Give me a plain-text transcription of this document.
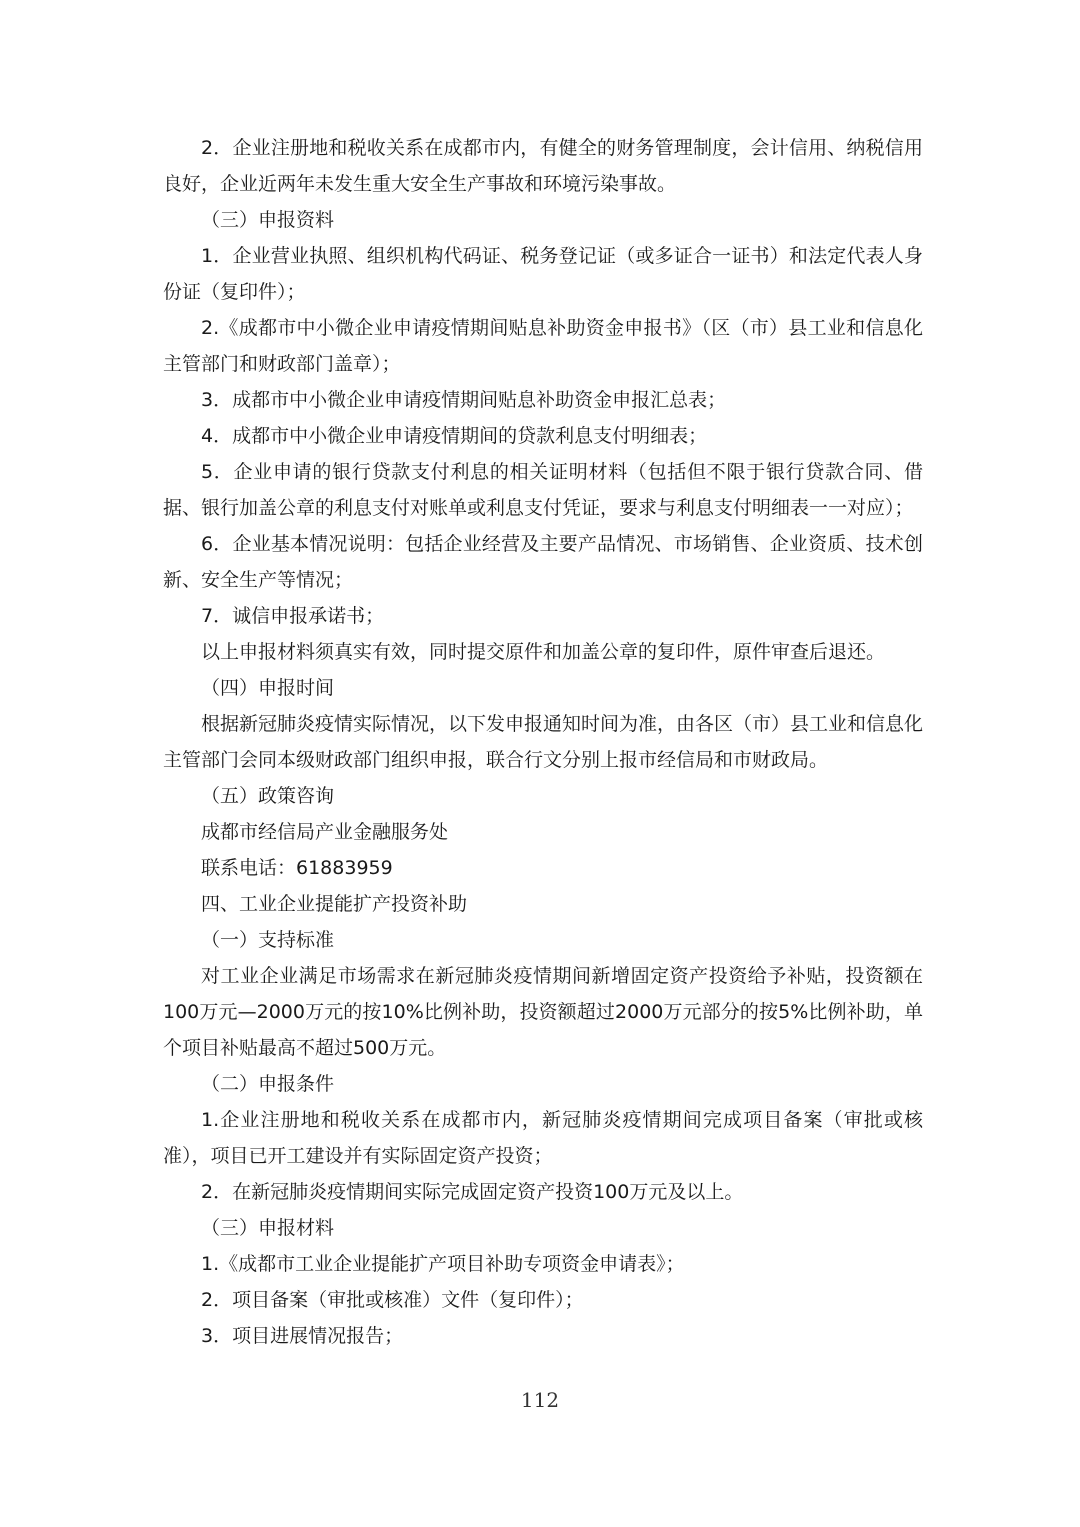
2．企业注册地和税收关系在成都市内，有健全的财务管理制度，会计信用、纳税信用良好，企业近两年未发生重大安全生产事故和环境污染事故。

（三）申报资料

1．企业营业执照、组织机构代码证、税务登记证（或多证合一证书）和法定代表人身份证（复印件）；

2.《成都市中小微企业申请疫情期间贴息补助资金申报书》（区（市）县工业和信息化主管部门和财政部门盖章）；

3．成都市中小微企业申请疫情期间贴息补助资金申报汇总表；

4．成都市中小微企业申请疫情期间的贷款利息支付明细表；

5．企业申请的银行贷款支付利息的相关证明材料（包括但不限于银行贷款合同、借据、银行加盖公章的利息支付对账单或利息支付凭证，要求与利息支付明细表一一对应）；

6．企业基本情况说明：包括企业经营及主要产品情况、市场销售、企业资质、技术创新、安全生产等情况；

7．诚信申报承诺书；

以上申报材料须真实有效，同时提交原件和加盖公章的复印件，原件审查后退还。

（四）申报时间

根据新冠肺炎疫情实际情况，以下发申报通知时间为准，由各区（市）县工业和信息化主管部门会同本级财政部门组织申报，联合行文分别上报市经信局和市财政局。

（五）政策咨询

成都市经信局产业金融服务处

联系电话：61883959

四、工业企业提能扩产投资补助

（一）支持标准

对工业企业满足市场需求在新冠肺炎疫情期间新增固定资产投资给予补贴，投资额在100万元—2000万元的按10%比例补助，投资额超过2000万元部分的按5%比例补助，单个项目补贴最高不超过500万元。

（二）申报条件

1.企业注册地和税收关系在成都市内，新冠肺炎疫情期间完成项目备案（审批或核准），项目已开工建设并有实际固定资产投资；

2．在新冠肺炎疫情期间实际完成固定资产投资100万元及以上。

（三）申报材料

1.《成都市工业企业提能扩产项目补助专项资金申请表》；

2．项目备案（审批或核准）文件（复印件）；

3．项目进展情况报告；

112
